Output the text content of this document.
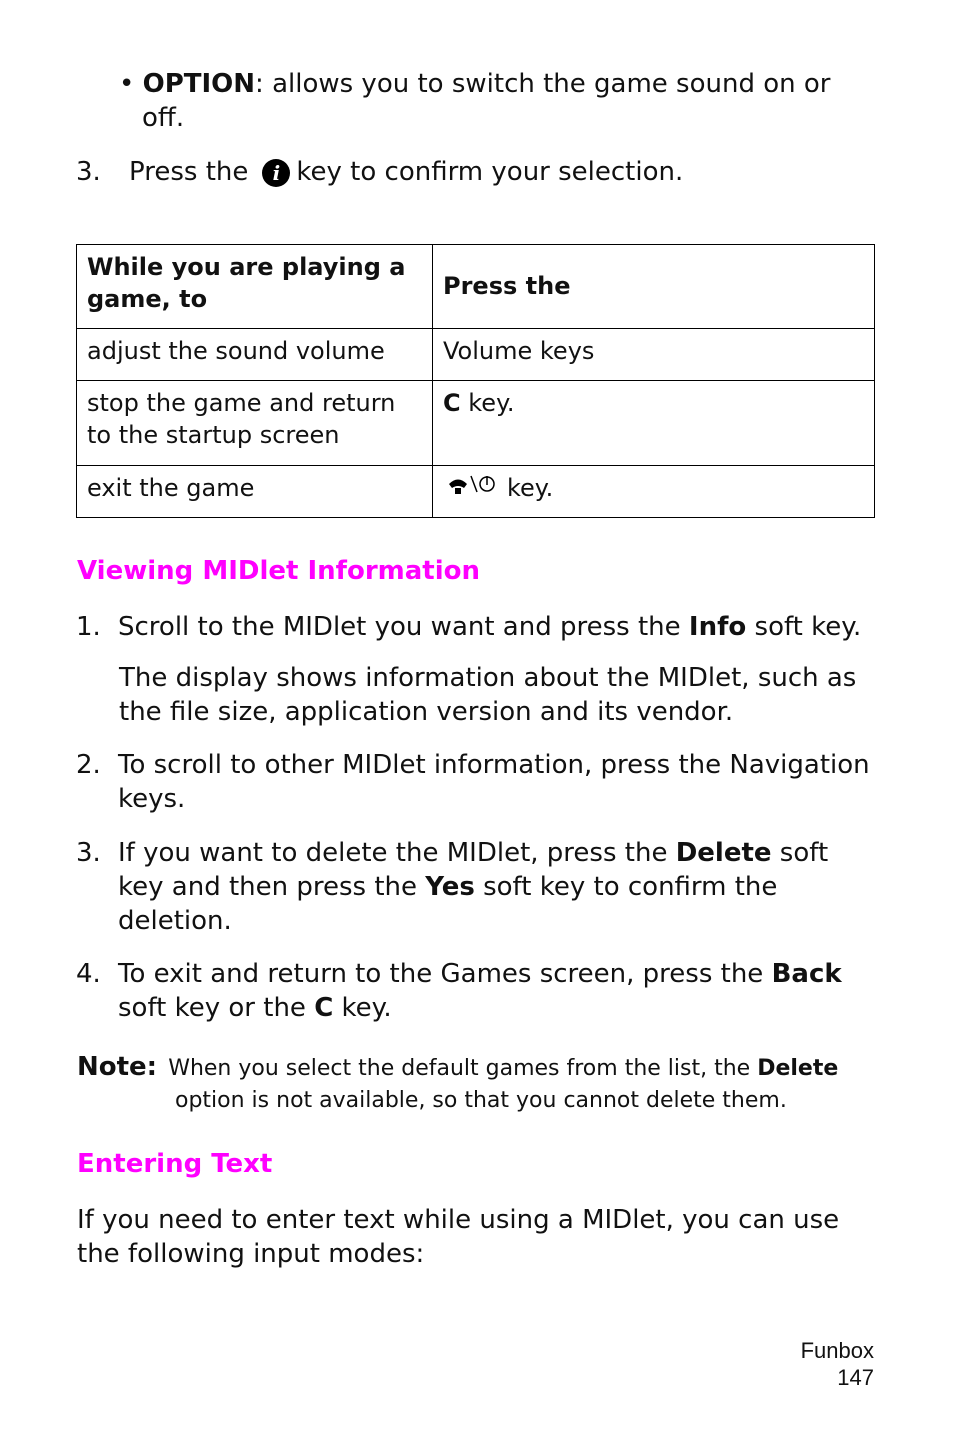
• OPTION: allows you to switch the game sound on or
off.
3. Press the i key to confirm your selection.
While you are playing a game, to	Press the
adjust the sound volume	Volume keys
stop the game and return to the startup screen	C key.
exit the game	key.
Viewing MIDlet Information
1. Scroll to the MIDlet you want and press the Info soft key.
The display shows information about the MIDlet, such as
the file size, application version and its vendor.
2. To scroll to other MIDlet information, press the Navigation
keys.
3. If you want to delete the MIDlet, press the Delete soft
key and then press the Yes soft key to confirm the
deletion.
4. To exit and return to the Games screen, press the Back
soft key or the C key.
Note: When you select the default games from the list, the Delete
option is not available, so that you cannot delete them.
Entering Text
If you need to enter text while using a MIDlet, you can use
the following input modes:
Funbox
147
